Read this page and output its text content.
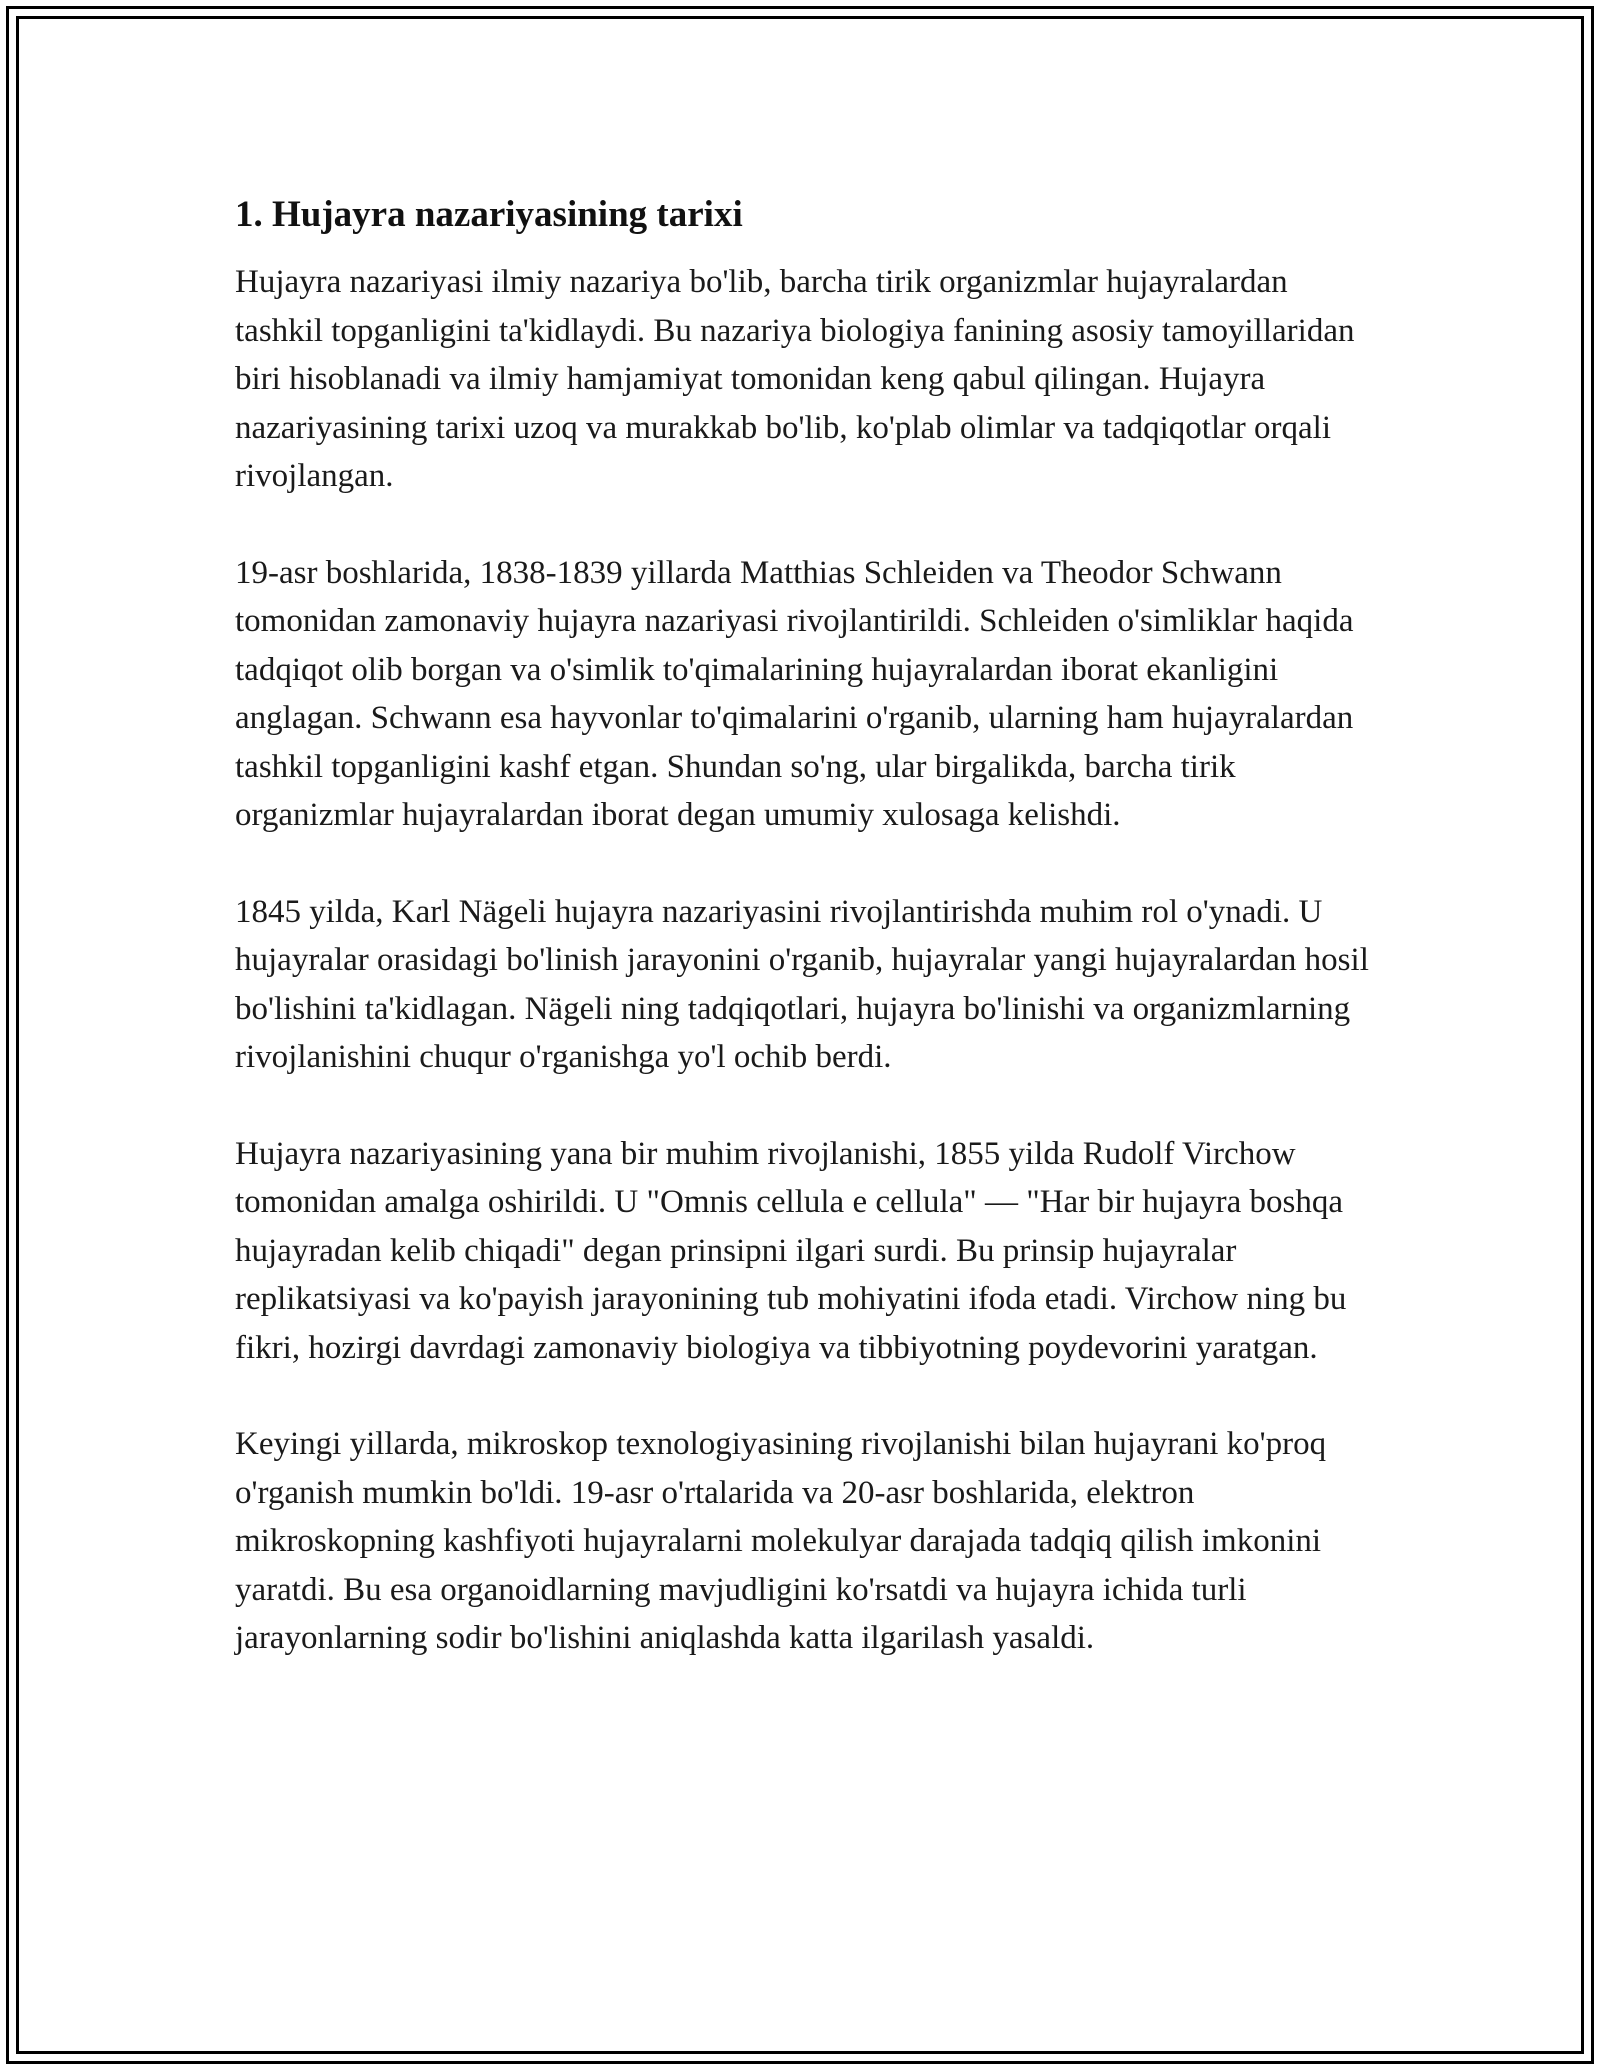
1. Hujayra nazariyasining tarixi

Hujayra nazariyasi ilmiy nazariya bo'lib, barcha tirik organizmlar hujayralardan tashkil topganligini ta'kidlaydi. Bu nazariya biologiya fanining asosiy tamoyillaridan biri hisoblanadi va ilmiy hamjamiyat tomonidan keng qabul qilingan. Hujayra nazariyasining tarixi uzoq va murakkab bo'lib, ko'plab olimlar va tadqiqotlar orqali rivojlangan.

19-asr boshlarida, 1838-1839 yillarda Matthias Schleiden va Theodor Schwann tomonidan zamonaviy hujayra nazariyasi rivojlantirildi. Schleiden o'simliklar haqida tadqiqot olib borgan va o'simlik to'qimalarining hujayralardan iborat ekanligini anglagan. Schwann esa hayvonlar to'qimalarini o'rganib, ularning ham hujayralardan tashkil topganligini kashf etgan. Shundan so'ng, ular birgalikda, barcha tirik organizmlar hujayralardan iborat degan umumiy xulosaga kelishdi.

1845 yilda, Karl Nägeli hujayra nazariyasini rivojlantirishda muhim rol o'ynadi. U hujayralar orasidagi bo'linish jarayonini o'rganib, hujayralar yangi hujayralardan hosil bo'lishini ta'kidlagan. Nägeli ning tadqiqotlari, hujayra bo'linishi va organizmlarning rivojlanishini chuqur o'rganishga yo'l ochib berdi.

Hujayra nazariyasining yana bir muhim rivojlanishi, 1855 yilda Rudolf Virchow tomonidan amalga oshirildi. U "Omnis cellula e cellula" — "Har bir hujayra boshqa hujayradan kelib chiqadi" degan prinsipni ilgari surdi. Bu prinsip hujayralar replikatsiyasi va ko'payish jarayonining tub mohiyatini ifoda etadi. Virchow ning bu fikri, hozirgi davrdagi zamonaviy biologiya va tibbiyotning poydevorini yaratgan.

Keyingi yillarda, mikroskop texnologiyasining rivojlanishi bilan hujayrani ko'proq o'rganish mumkin bo'ldi. 19-asr o'rtalarida va 20-asr boshlarida, elektron mikroskopning kashfiyoti hujayralarni molekulyar darajada tadqiq qilish imkonini yaratdi. Bu esa organoidlarning mavjudligini ko'rsatdi va hujayra ichida turli jarayonlarning sodir bo'lishini aniqlashda katta ilgarilash yasaldi.
